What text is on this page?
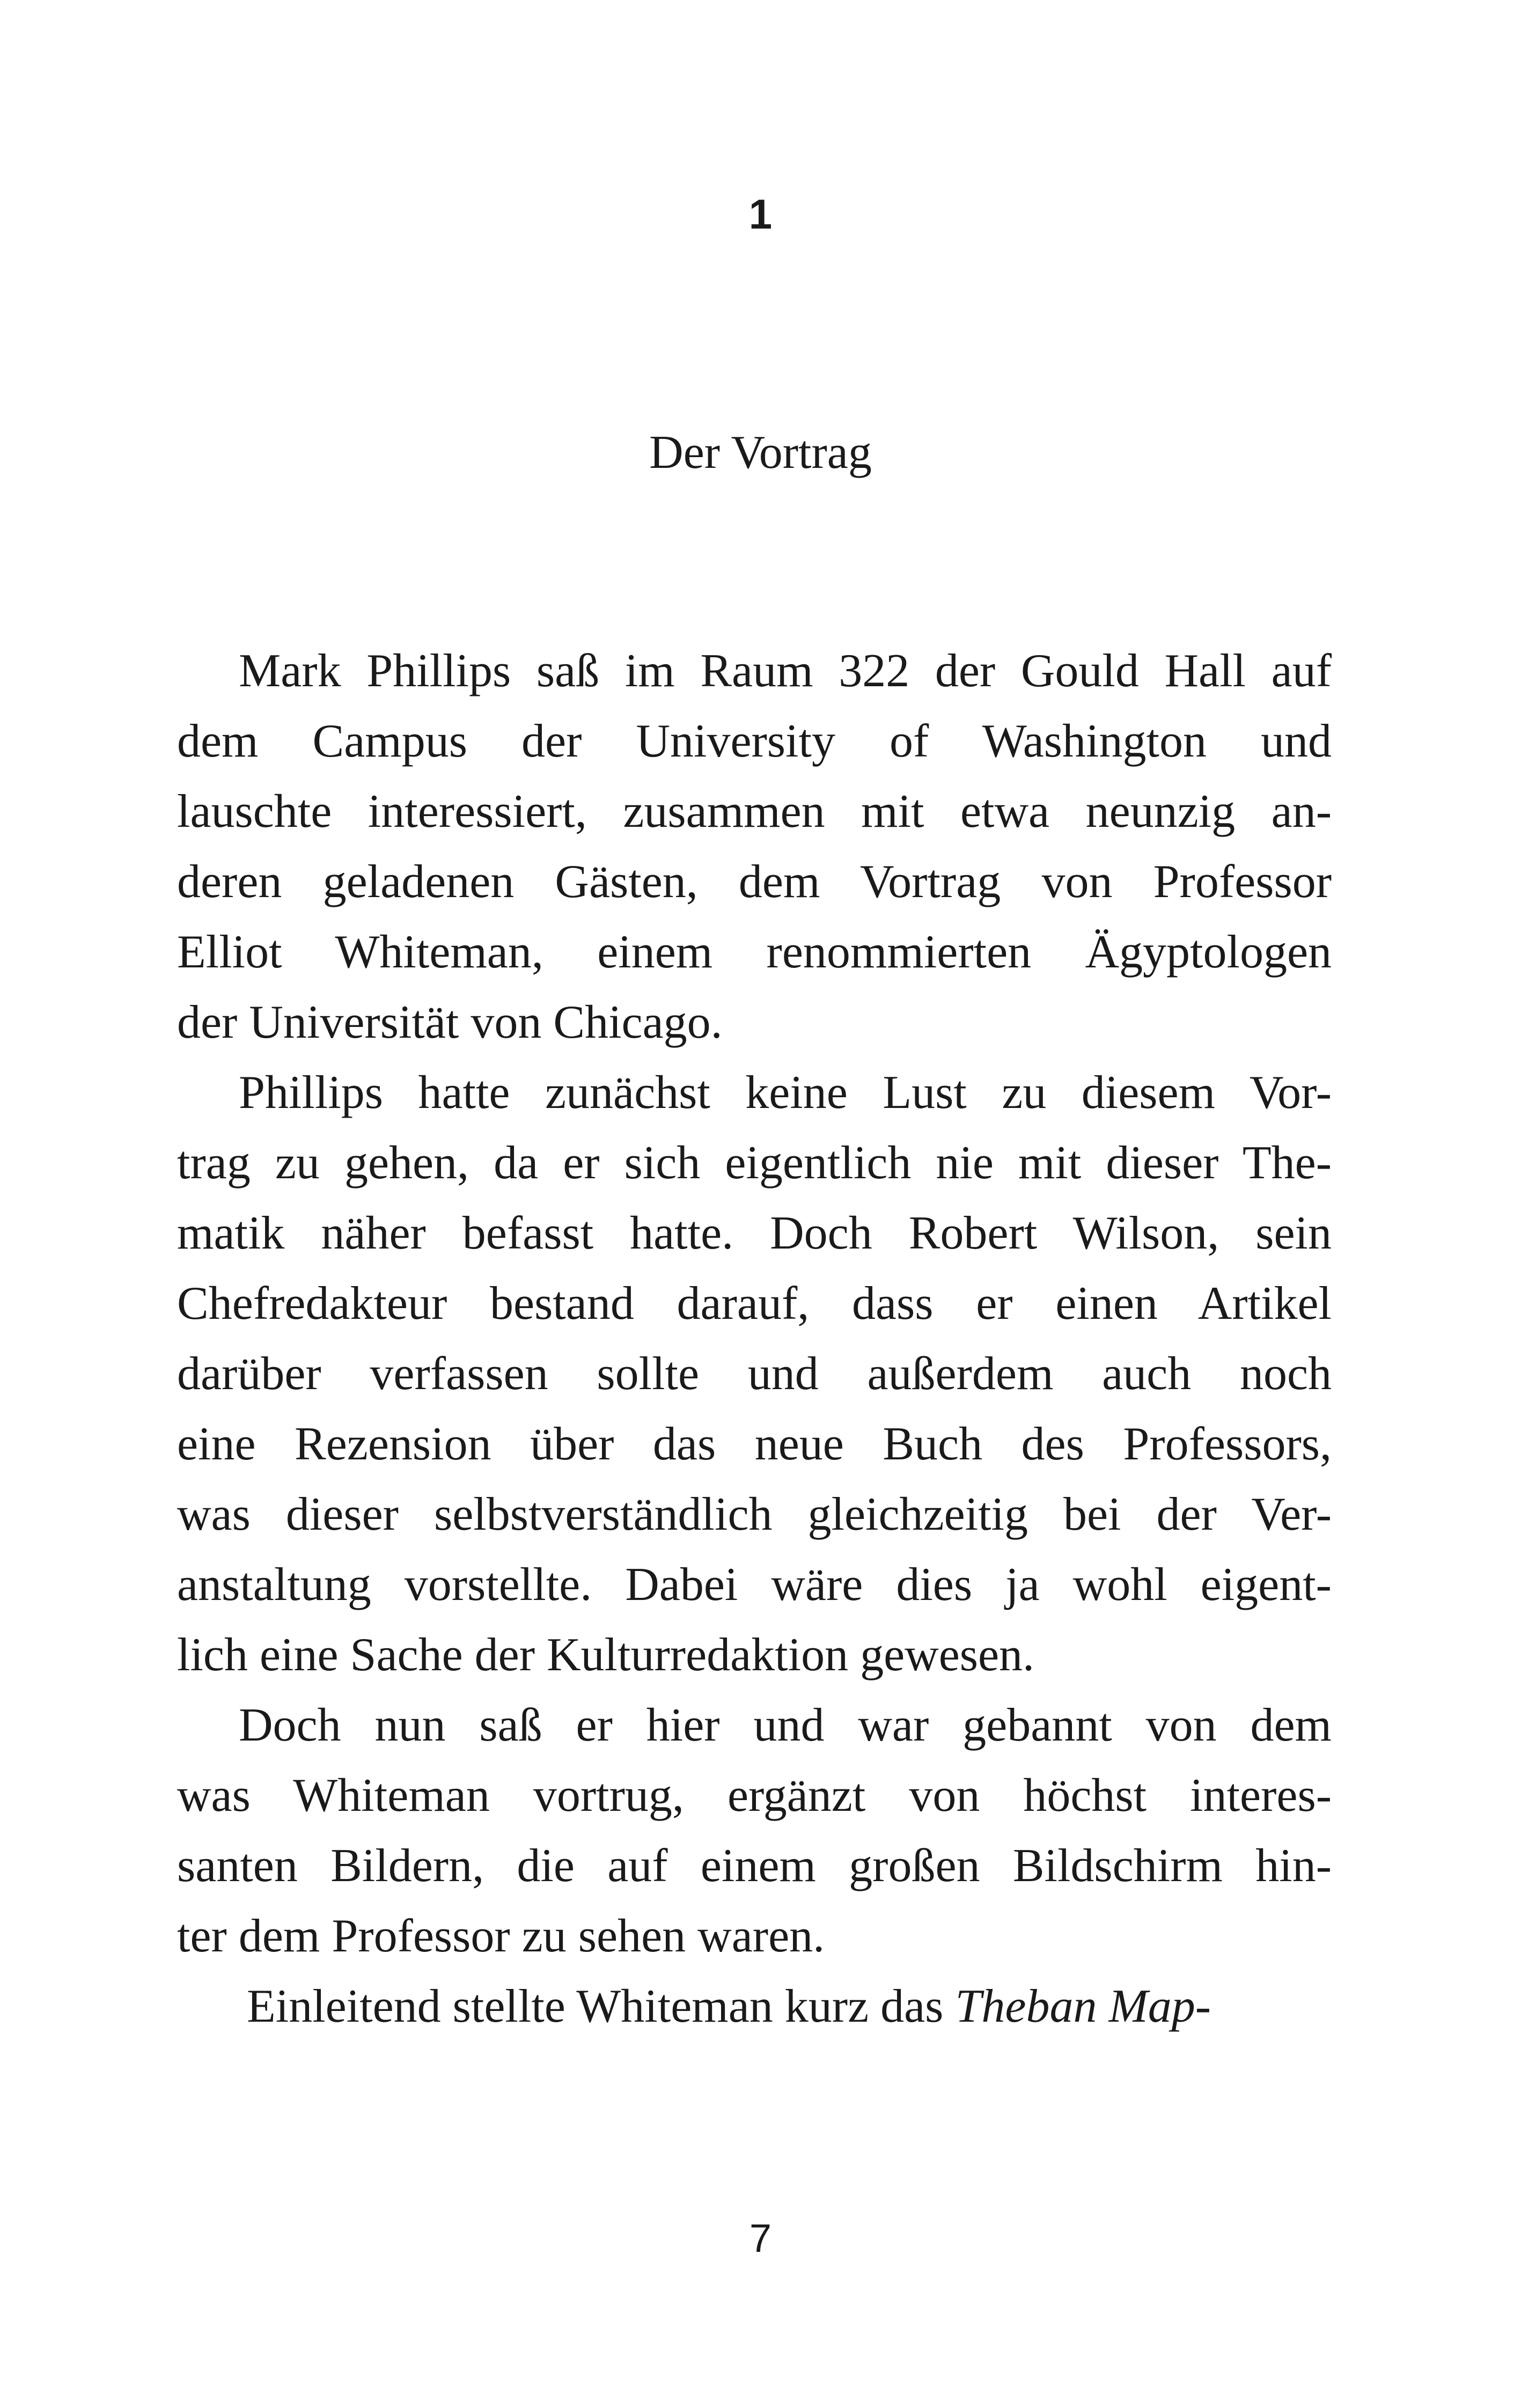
1
Der Vortrag

Mark Phillips saß im Raum 322 der Gould Hall auf
dem Campus der University of Washington und
lauschte interessiert, zusammen mit etwa neunzig an-
deren geladenen Gästen, dem Vortrag von Professor
Elliot Whiteman, einem renommierten Ägyptologen
der Universität von Chicago.

Phillips hatte zunächst keine Lust zu diesem Vor-
trag zu gehen, da er sich eigentlich nie mit dieser The-
matik näher befasst hatte. Doch Robert Wilson, sein
Chefredakteur bestand darauf, dass er einen Artikel
darüber verfassen sollte und außerdem auch noch
eine Rezension über das neue Buch des Professors,
was dieser selbstverständlich gleichzeitig bei der Ver-
anstaltung vorstellte. Dabei wäre dies ja wohl eigent-
lich eine Sache der Kulturredaktion gewesen.

Doch nun saß er hier und war gebannt von dem
was Whiteman vortrug, ergänzt von höchst interes-
santen Bildern, die auf einem großen Bildschirm hin-
ter dem Professor zu sehen waren.

Einleitend stellte Whiteman kurz das Theban Map-

7
